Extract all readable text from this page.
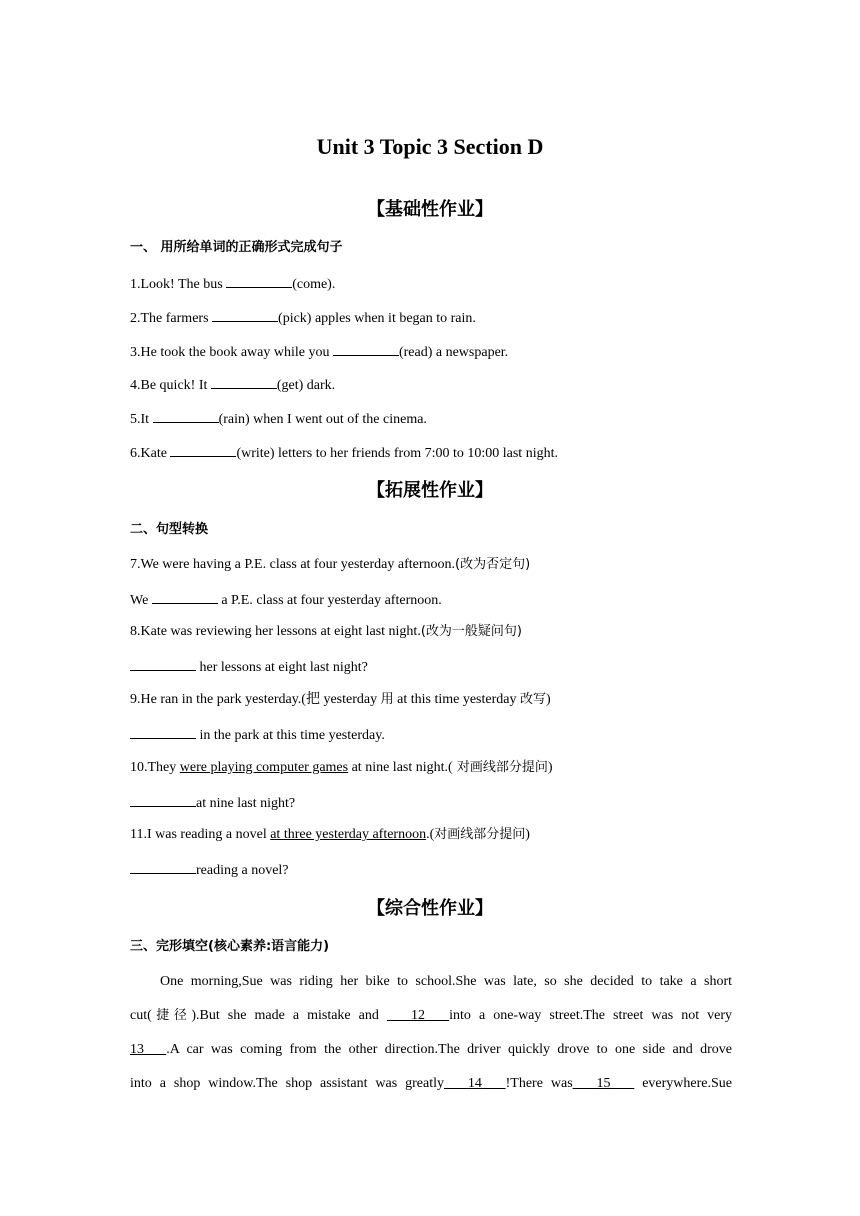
Unit 3 Topic 3 Section D
【基础性作业】
一、 用所给单词的正确形式完成句子
1.Look! The bus	(come).
2.The farmers	(pick) apples when it began to rain.
3.He took the book away while you	(read) a newspaper.
4.Be quick! It	(get) dark.
5.It	(rain) when I went out of the cinema.
6.Kate	(write) letters to her friends from 7:00 to 10:00 last night.
【拓展性作业】
二、句型转换
7.We were having a P.E. class at four yesterday afternoon.(改为否定句)
We	a P.E. class at four yesterday afternoon.
8.Kate was reviewing her lessons at eight last night.(改为一般疑问句)
her lessons at eight last night?
9.He ran in the park yesterday.(把 yesterday 用 at this time yesterday 改写)
in the park at this time yesterday.
10.They were playing computer games at nine last night.( 对画线部分提问)
at nine last night?
11.I was reading a novel at three yesterday afternoon.(对画线部分提问)
reading a novel?
【综合性作业】
三、完形填空(核心素养:语言能力)
One morning,Sue was riding her bike to school.She was late, so she decided to take a short
cut(捷径).But she made a mistake and    12 into a one-way street.The street was not very
13 .A car was coming from the other direction.The driver quickly drove to one side and drove
into a shop window.The shop assistant was greatly 14 !There was 15    everywhere.Sue
